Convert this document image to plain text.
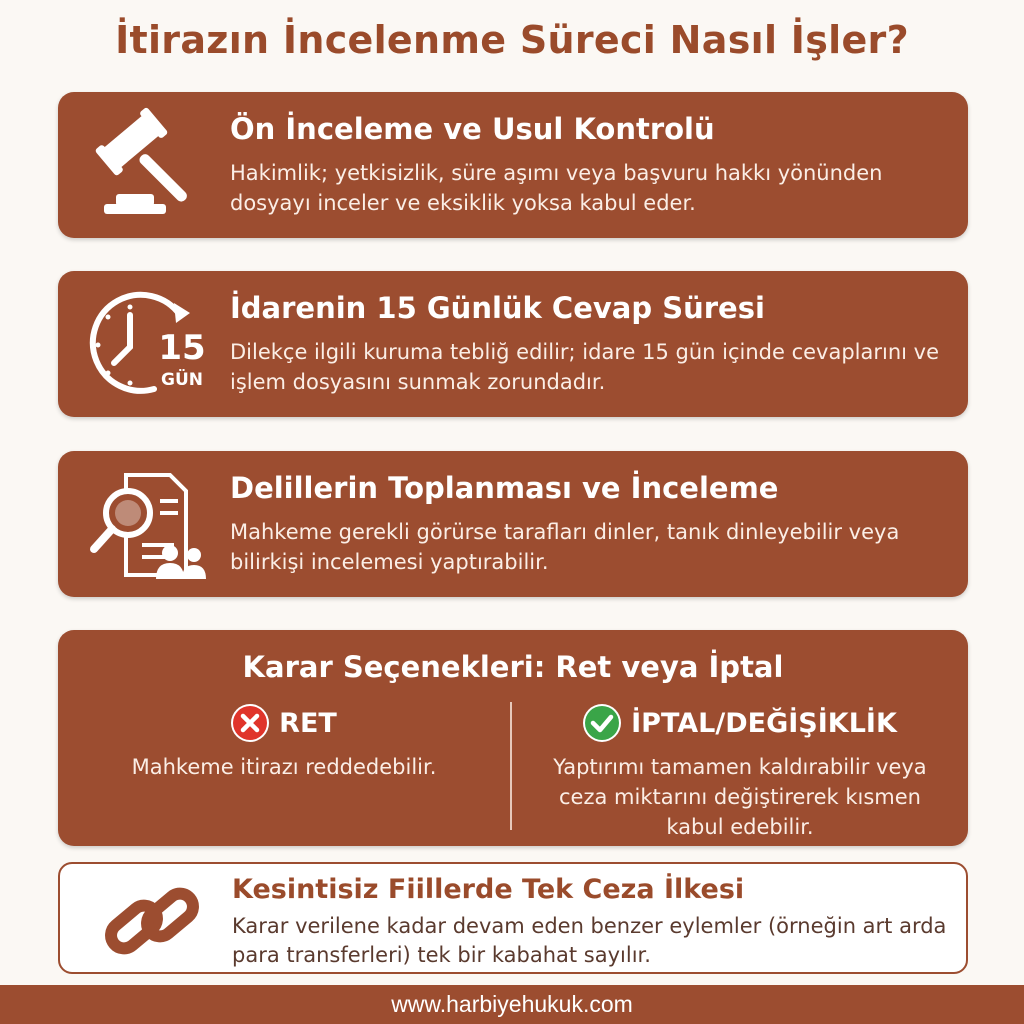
İtirazın İncelenme Süreci Nasıl İşler?
Ön İnceleme ve Usul Kontrolü
Hakimlik; yetkisizlik, süre aşımı veya başvuru hakkı yönünden dosyayı inceler ve eksiklik yoksa kabul eder.
15
GÜN
İdarenin 15 Günlük Cevap Süresi
Dilekçe ilgili kuruma tebliğ edilir; idare 15 gün içinde cevaplarını ve işlem dosyasını sunmak zorundadır.
Delillerin Toplanması ve İnceleme
Mahkeme gerekli görürse tarafları dinler, tanık dinleyebilir veya bilirkişi incelemesi yaptırabilir.
Karar Seçenekleri: Ret veya İptal
RET
Mahkeme itirazı reddedebilir.
İPTAL/DEĞİŞİKLİK
Yaptırımı tamamen kaldırabilir veya ceza miktarını değiştirerek kısmen kabul edebilir.
Kesintisiz Fiillerde Tek Ceza İlkesi
Karar verilene kadar devam eden benzer eylemler (örneğin art arda para transferleri) tek bir kabahat sayılır.
www.harbiyehukuk.com
